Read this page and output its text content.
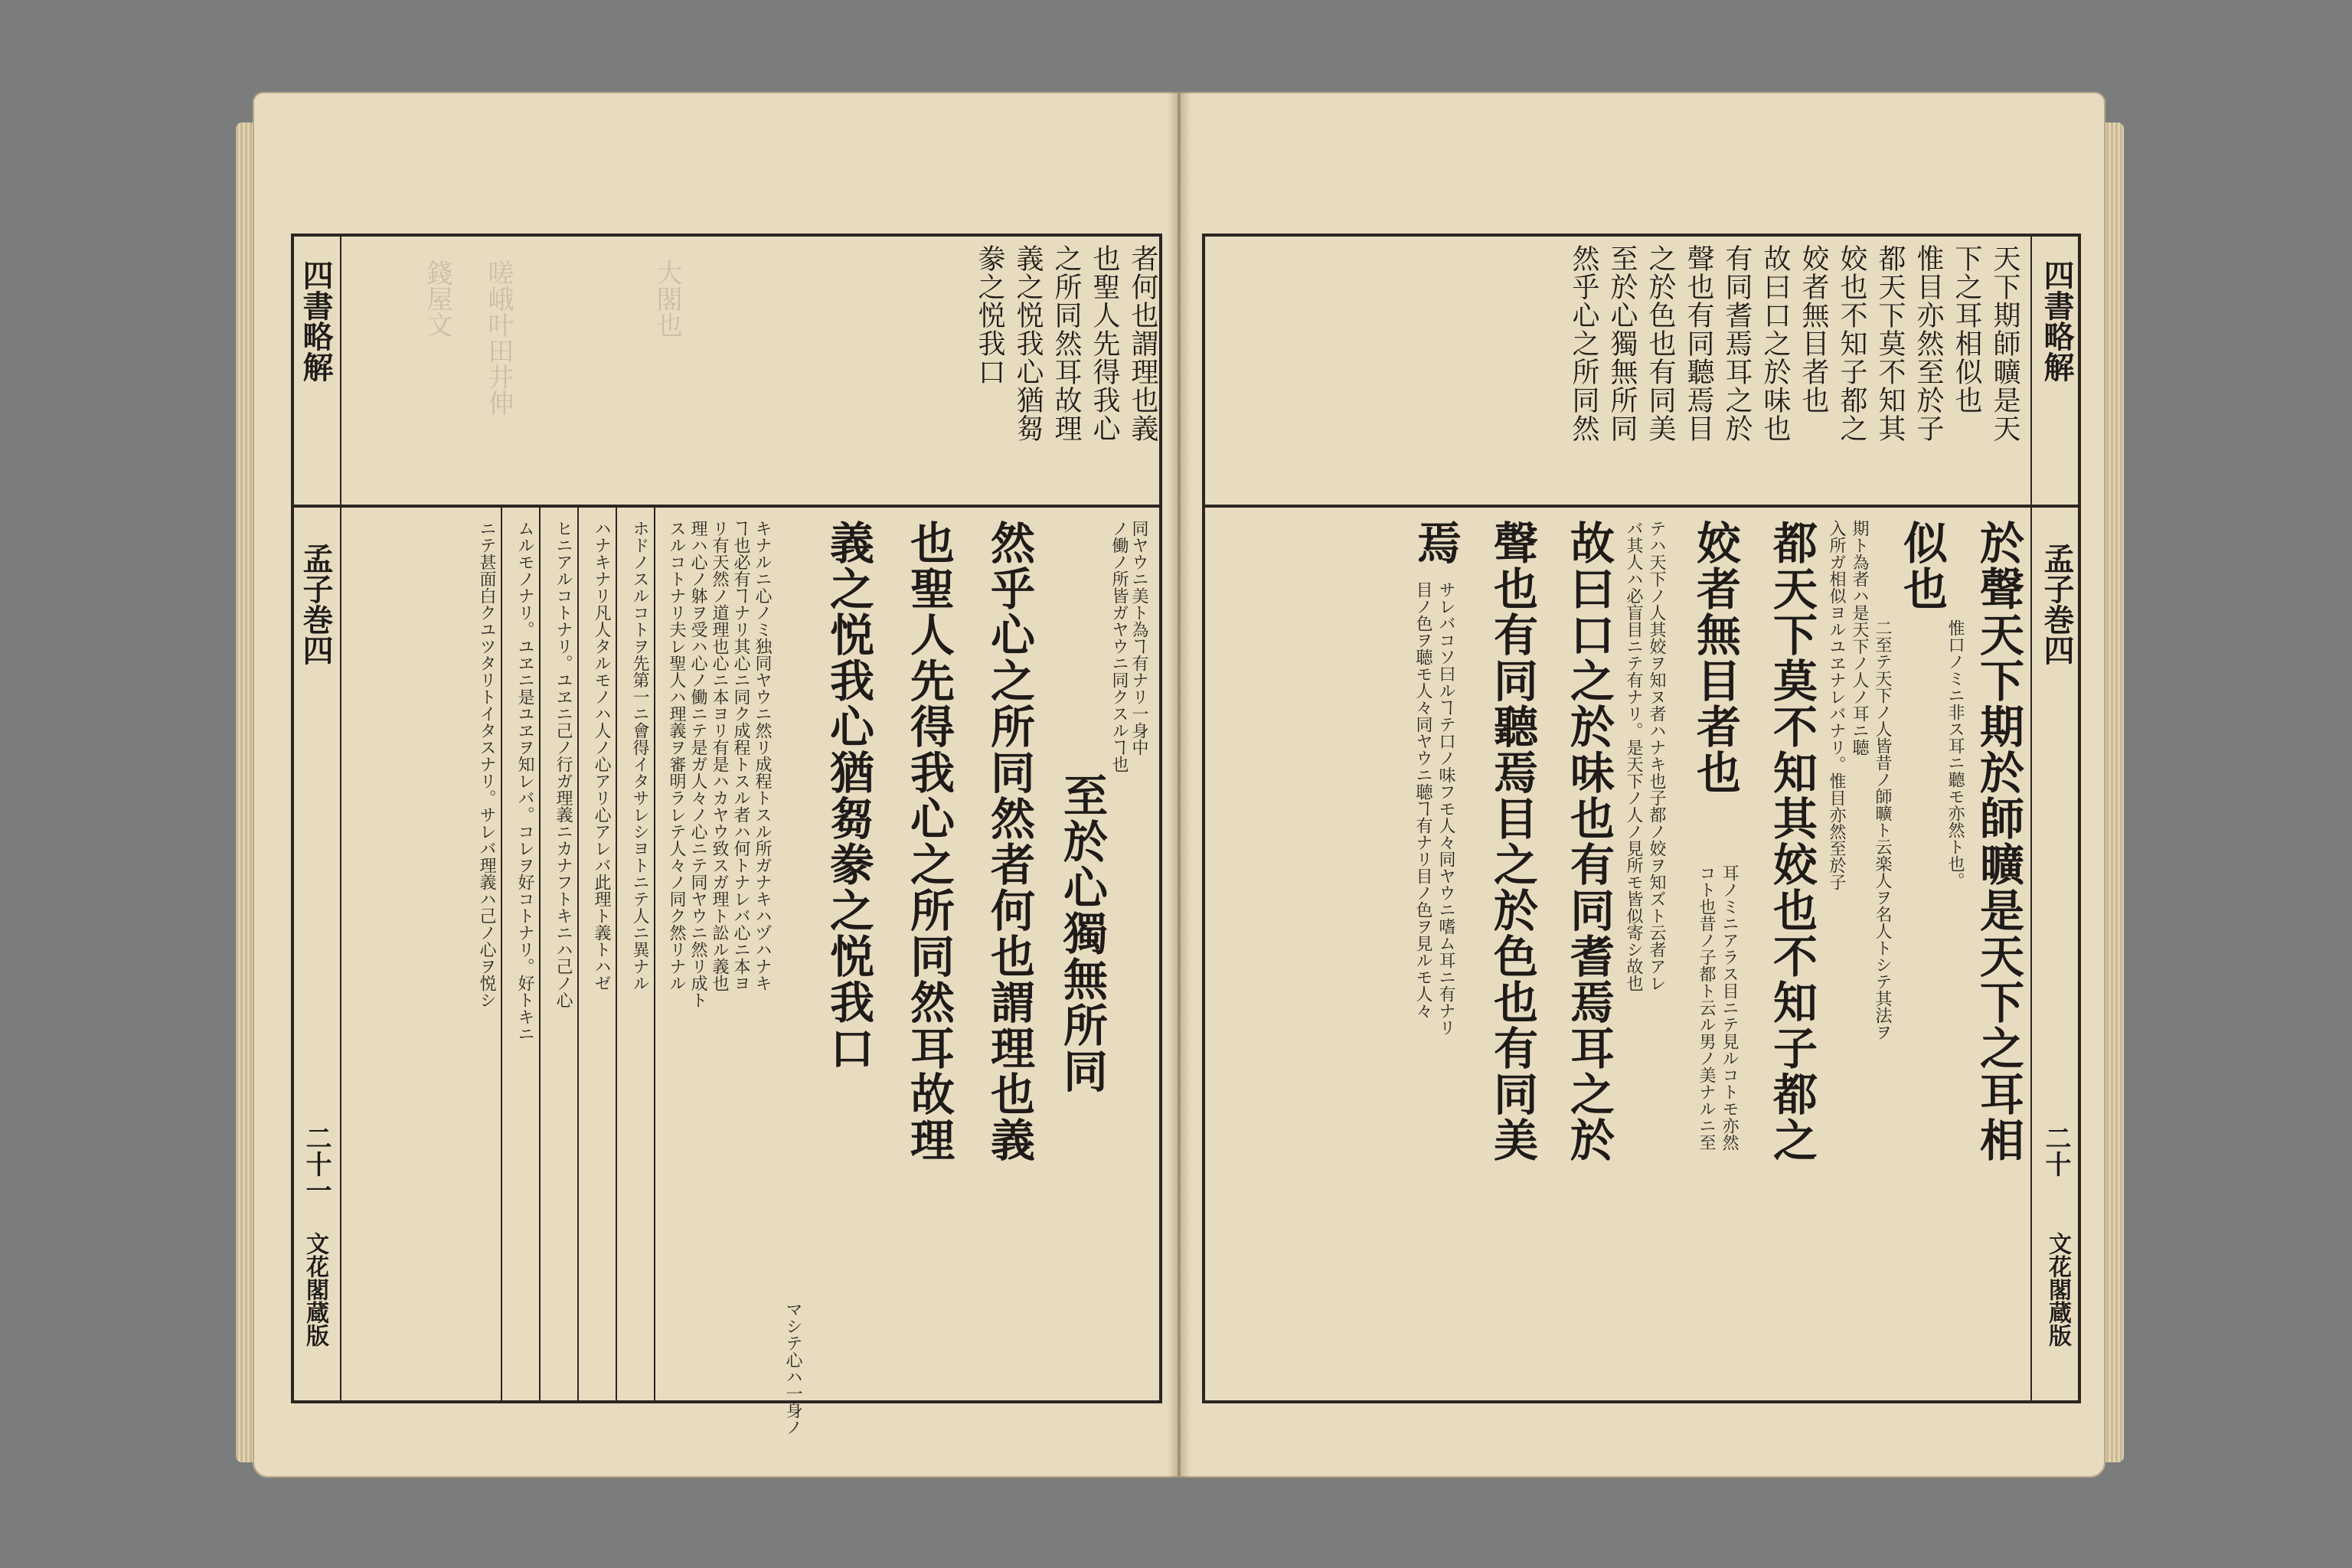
四書略解
孟子巻四
二十一
文花閣蔵版
錢屋文 嗟峨叶田井伸	大閣也	者何也謂理也義
也聖人先得我心
之所同然耳故理
義之悦我心猶芻
豢之悦我口
同ヤウニ美ト為ヿ有ナリ一身中
ノ働ノ所皆ガヤウニ同クスルヿ也
至於心獨無所同
然乎心之所同然者何也謂理也義
也聖人先得我心之所同然耳故理
義之悦我心猶芻豢之悦我口
マシテ心ハ一身ノ
キナルニ心ノミ独同ヤウニ然リ成程トスル所ガナキハヅハナキ
ヿ也必有ヿナリ其心ニ同ク成程トスル者ハ何トナレバ心ニ本ヨ
リ有天然ノ道理也心ニ本ヨリ有是ハカヤウ致スガ理ト訟ル義也
理ハ心ノ躰ヲ受ハ心ノ働ニテ是ガ人々ノ心ニテ同ヤウニ然リ成ト
スルコトナリ夫レ聖人ハ理義ヲ審明ラレテ人々ノ同ク然リナル
ホドノスルコトヲ先第一ニ會得イタサレシヨトニテ人ニ異ナル
ハナキナリ凡人タルモノハ人ノ心アリ心アレバ此理ト義トハゼ
ヒニアルコトナリ。ユヱニ己ノ行ガ理義ニカナフトキニハ己ノ心
ムルモノナリ。ユヱニ是ユヱヲ知レバ。コレヲ好コトナリ。好トキニ
ニテ甚面白クユツタリトイタスナリ。サレバ理義ハ己ノ心ヲ悦シ
四書略解
孟子巻四
二十
文花閣蔵版
天下期師曠是天
下之耳相似也
惟目亦然至於子
都天下莫不知其
姣也不知子都之
姣者無目者也
故曰口之於味也
有同耆焉耳之於
聲也有同聽焉目
之於色也有同美
至於心獨無所同
然乎心之所同然
於聲天下期於師曠是天下之耳相
似也
惟口ノミニ非ス耳ニ聽モ亦然ト也。
二至テ天下ノ人皆昔ノ師曠ト云楽人ヲ名人トシテ其法ヲ
期ト為者ハ是天下ノ人ノ耳ニ聴
入所ガ相似ヨルユヱナレバナリ。惟目亦然至於子
都天下莫不知其姣也不知子都之
姣者無目者也
耳ノミニアラス目ニテ見ルコトモ亦然
コト也昔ノ子都ト云ル男ノ美ナルニ至
テハ天下ノ人其姣ヲ知ヌ者ハナキ也子都ノ姣ヲ知ズト云者アレ
バ其人ハ必盲目ニテ有ナリ。是天下ノ人ノ見所モ皆似寄シ故也
故曰口之於味也有同耆焉耳之於
聲也有同聽焉目之於色也有同美
焉
サレバコソ曰ルヿテ口ノ味フモ人々同ヤウニ嗜ム耳ニ有ナリ
目ノ色ヲ聴モ人々同ヤウニ聴ヿ有ナリ目ノ色ヲ見ルモ人々
